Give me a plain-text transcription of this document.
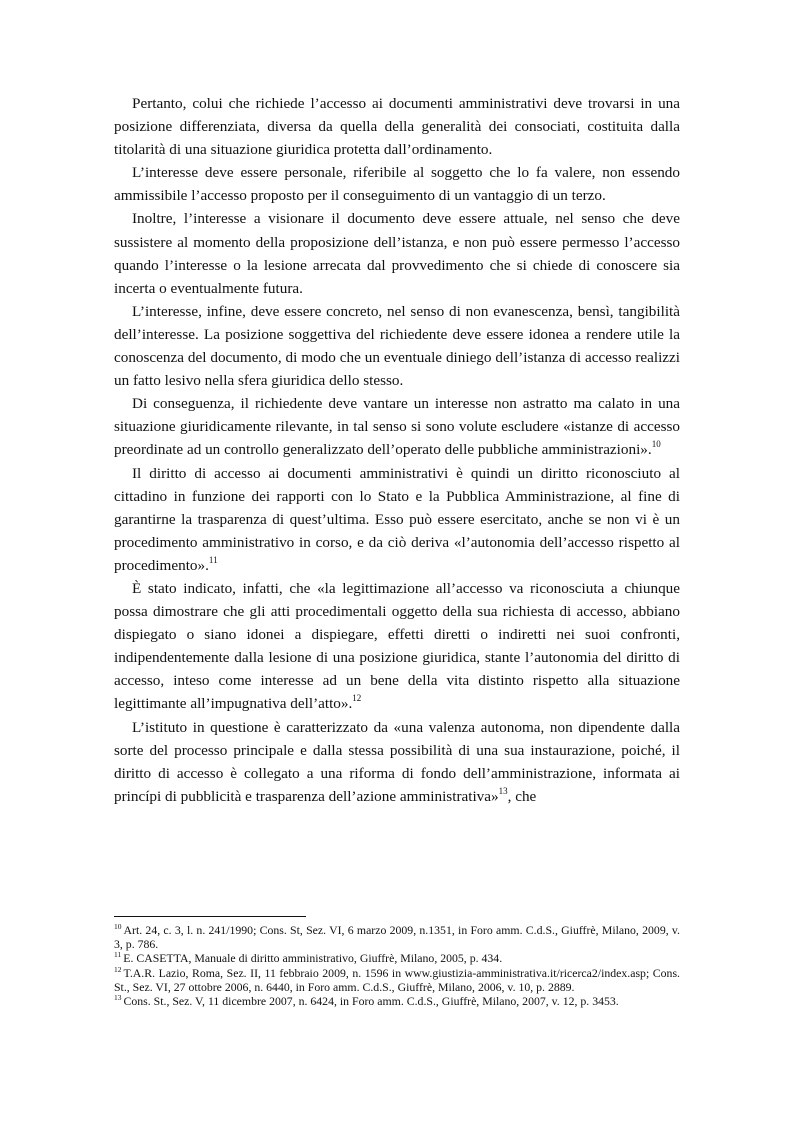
Pertanto, colui che richiede l’accesso ai documenti amministrativi deve trovarsi in una posizione differenziata, diversa da quella della generalità dei consociati, costituita dalla titolarità di una situazione giuridica protetta dall’ordinamento.

L’interesse deve essere personale, riferibile al soggetto che lo fa valere, non essendo ammissibile l’accesso proposto per il conseguimento di un vantaggio di un terzo.

Inoltre, l’interesse a visionare il documento deve essere attuale, nel senso che deve sussistere al momento della proposizione dell’istanza, e non può essere permesso l’accesso quando l’interesse o la lesione arrecata dal provvedimento che si chiede di conoscere sia incerta o eventualmente futura.

L’interesse, infine, deve essere concreto, nel senso di non evanescenza, bensì, tangibilità dell’interesse. La posizione soggettiva del richiedente deve essere idonea a rendere utile la conoscenza del documento, di modo che un eventuale diniego dell’istanza di accesso realizzi un fatto lesivo nella sfera giuridica dello stesso.

Di conseguenza, il richiedente deve vantare un interesse non astratto ma calato in una situazione giuridicamente rilevante, in tal senso si sono volute escludere «istanze di accesso preordinate ad un controllo generalizzato dell’operato delle pubbliche amministrazioni».$^{10}$

Il diritto di accesso ai documenti amministrativi è quindi un diritto riconosciuto al cittadino in funzione dei rapporti con lo Stato e la Pubblica Amministrazione, al fine di garantirne la trasparenza di quest’ultima. Esso può essere esercitato, anche se non vi è un procedimento amministrativo in corso, e da ciò deriva «l’autonomia dell’accesso rispetto al procedimento».$^{11}$

È stato indicato, infatti, che «la legittimazione all’accesso va riconosciuta a chiunque possa dimostrare che gli atti procedimentali oggetto della sua richiesta di accesso, abbiano dispiegato o siano idonei a dispiegare, effetti diretti o indiretti nei suoi confronti, indipendentemente dalla lesione di una posizione giuridica, stante l’autonomia del diritto di accesso, inteso come interesse ad un bene della vita distinto rispetto alla situazione legittimante all’impugnativa dell’atto».$^{12}$

L’istituto in questione è caratterizzato da «una valenza autonoma, non dipendente dalla sorte del processo principale e dalla stessa possibilità di una sua instaurazione, poiché, il diritto di accesso è collegato a una riforma di fondo dell’amministrazione, informata ai princípi di pubblicità e trasparenza dell’azione amministrativa»$^{13}$, che

$^{10}$ Art. 24, c. 3, l. n. 241/1990; Cons. St, Sez. VI, 6 marzo 2009, n.1351, in Foro amm. C.d.S., Giuffrè, Milano, 2009, v. 3, p. 786.

$^{11}$ E. CASETTA, Manuale di diritto amministrativo, Giuffrè, Milano, 2005, p. 434.

$^{12}$ T.A.R. Lazio, Roma, Sez. II, 11 febbraio 2009, n. 1596 in www.giustizia-amministrativa.it/ricerca2/index.asp; Cons. St., Sez. VI, 27 ottobre 2006, n. 6440, in Foro amm. C.d.S., Giuffrè, Milano, 2006, v. 10, p. 2889.

$^{13}$ Cons. St., Sez. V, 11 dicembre 2007, n. 6424, in Foro amm. C.d.S., Giuffrè, Milano, 2007, v. 12, p. 3453.
